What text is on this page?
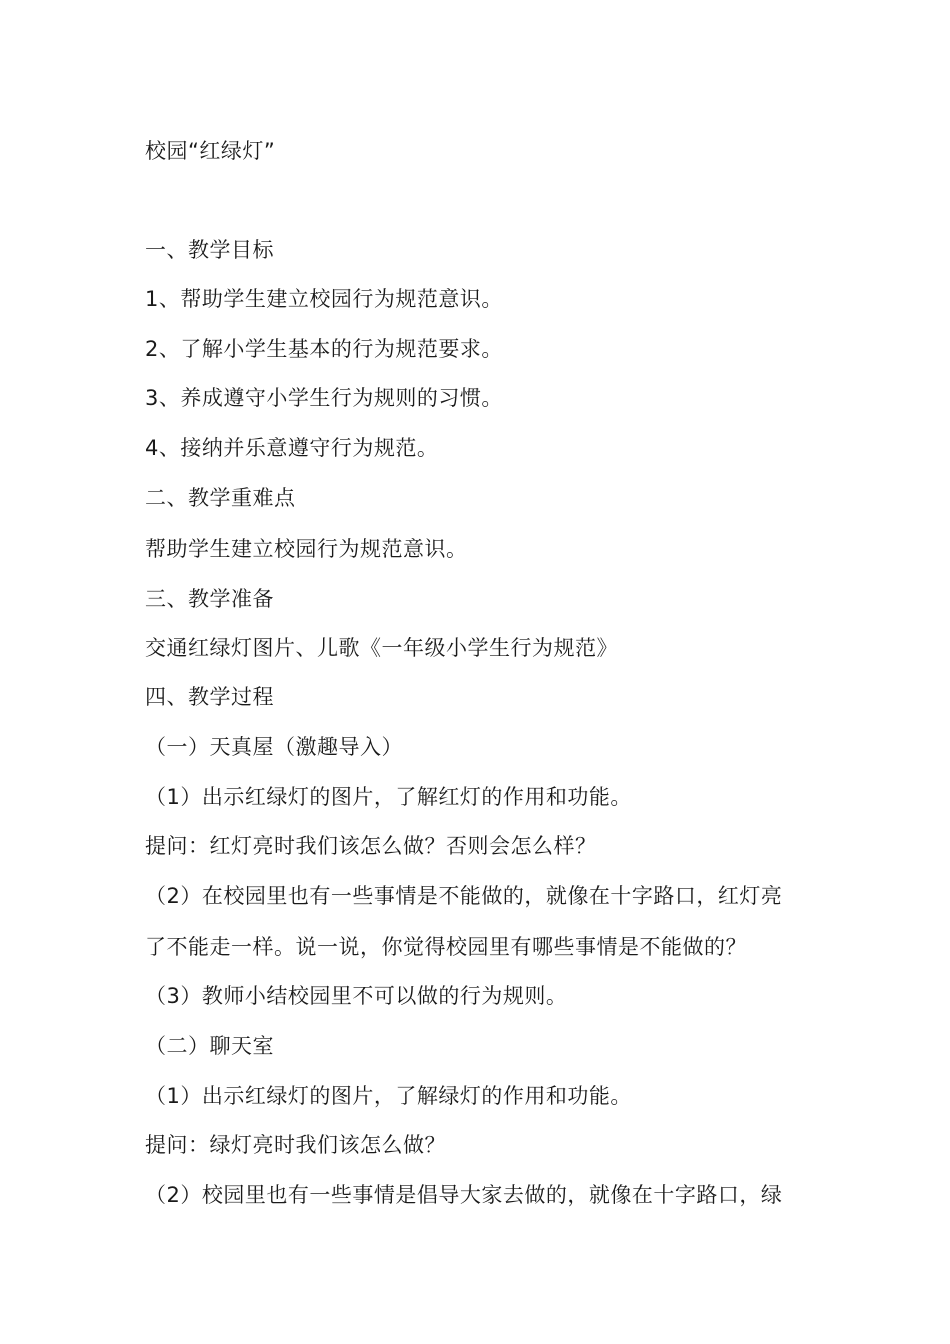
校园“红绿灯”
一、教学目标
1、帮助学生建立校园行为规范意识。
2、了解小学生基本的行为规范要求。
3、养成遵守小学生行为规则的习惯。
4、接纳并乐意遵守行为规范。
二、教学重难点
帮助学生建立校园行为规范意识。
三、教学准备
交通红绿灯图片、儿歌《一年级小学生行为规范》
四、教学过程
（一）天真屋（激趣导入）
（1）出示红绿灯的图片，了解红灯的作用和功能。
提问：红灯亮时我们该怎么做？否则会怎么样？
（2）在校园里也有一些事情是不能做的，就像在十字路口，红灯亮
了不能走一样。说一说，你觉得校园里有哪些事情是不能做的？
（3）教师小结校园里不可以做的行为规则。
（二）聊天室
（1）出示红绿灯的图片，了解绿灯的作用和功能。
提问：绿灯亮时我们该怎么做？
（2）校园里也有一些事情是倡导大家去做的，就像在十字路口，绿
